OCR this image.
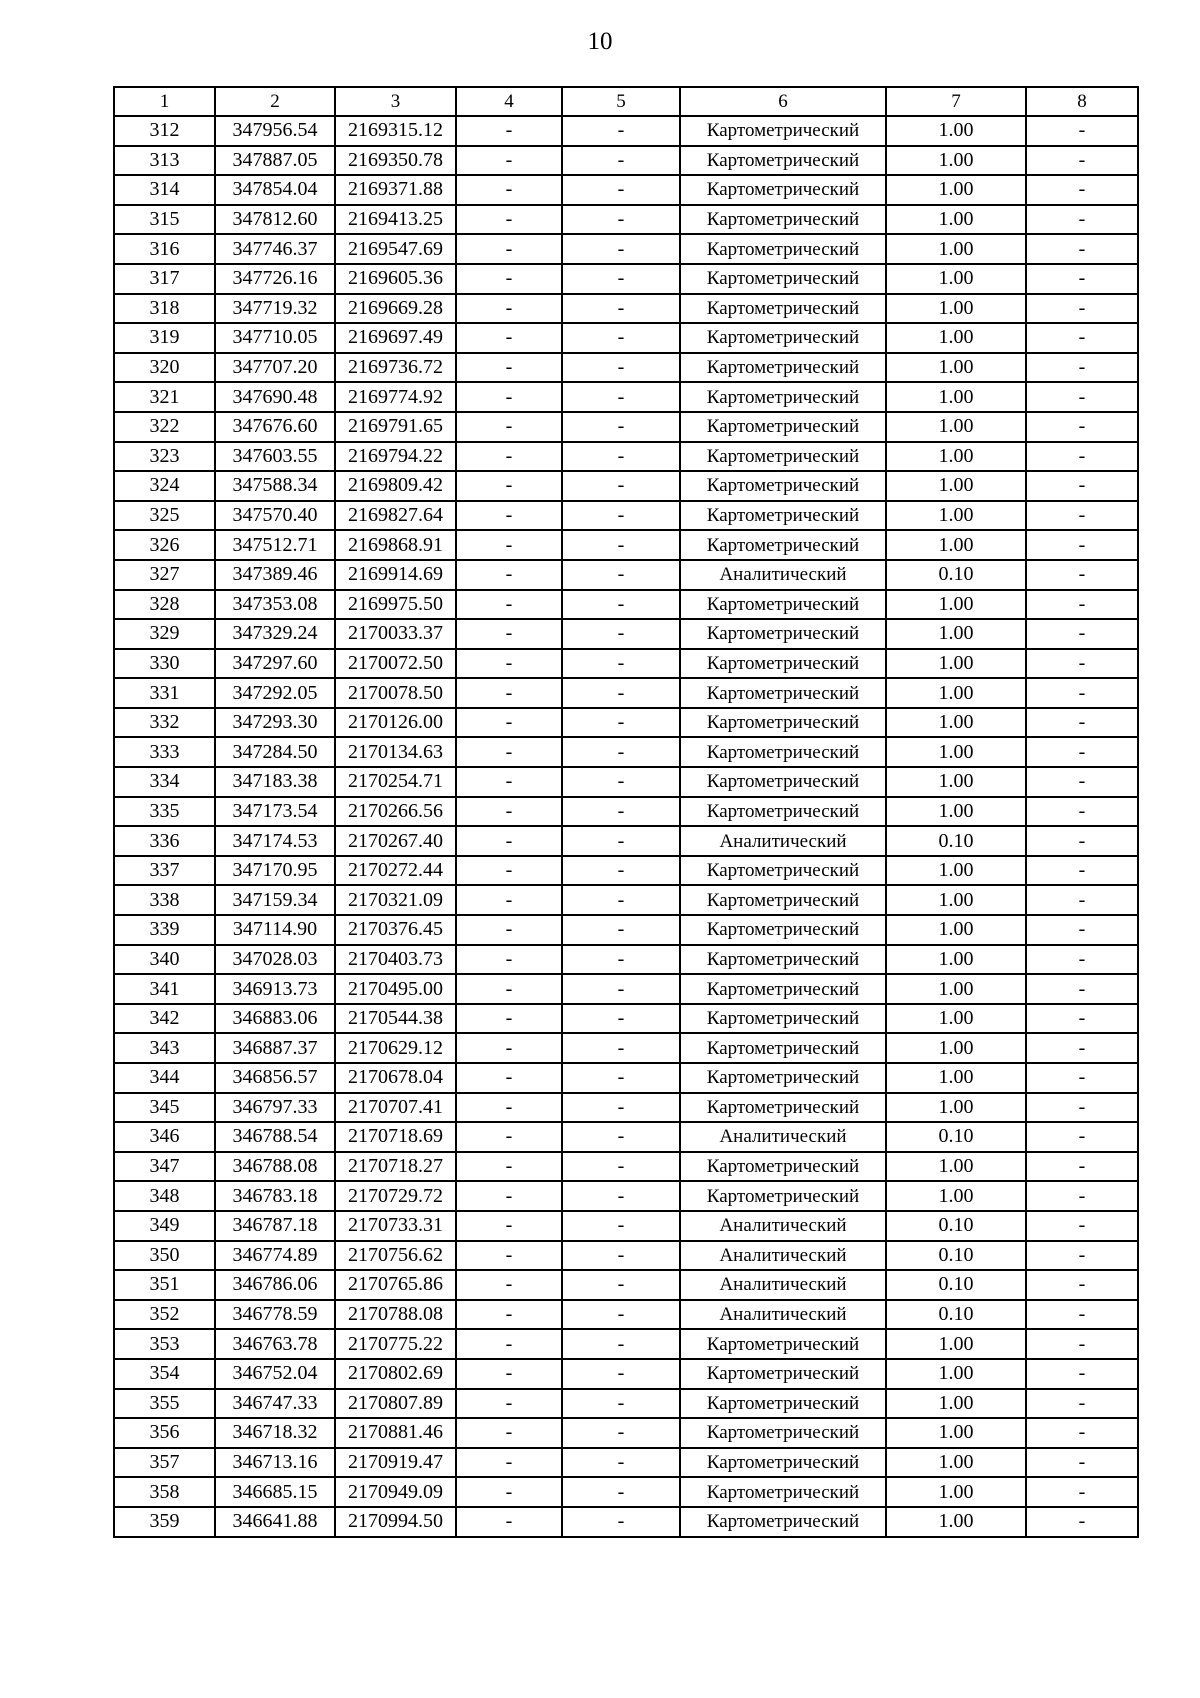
10
1	2	3	4	5	6	7	8
312	347956.54	2169315.12	-	-	Картометрический	1.00	-
313	347887.05	2169350.78	-	-	Картометрический	1.00	-
314	347854.04	2169371.88	-	-	Картометрический	1.00	-
315	347812.60	2169413.25	-	-	Картометрический	1.00	-
316	347746.37	2169547.69	-	-	Картометрический	1.00	-
317	347726.16	2169605.36	-	-	Картометрический	1.00	-
318	347719.32	2169669.28	-	-	Картометрический	1.00	-
319	347710.05	2169697.49	-	-	Картометрический	1.00	-
320	347707.20	2169736.72	-	-	Картометрический	1.00	-
321	347690.48	2169774.92	-	-	Картометрический	1.00	-
322	347676.60	2169791.65	-	-	Картометрический	1.00	-
323	347603.55	2169794.22	-	-	Картометрический	1.00	-
324	347588.34	2169809.42	-	-	Картометрический	1.00	-
325	347570.40	2169827.64	-	-	Картометрический	1.00	-
326	347512.71	2169868.91	-	-	Картометрический	1.00	-
327	347389.46	2169914.69	-	-	Аналитический	0.10	-
328	347353.08	2169975.50	-	-	Картометрический	1.00	-
329	347329.24	2170033.37	-	-	Картометрический	1.00	-
330	347297.60	2170072.50	-	-	Картометрический	1.00	-
331	347292.05	2170078.50	-	-	Картометрический	1.00	-
332	347293.30	2170126.00	-	-	Картометрический	1.00	-
333	347284.50	2170134.63	-	-	Картометрический	1.00	-
334	347183.38	2170254.71	-	-	Картометрический	1.00	-
335	347173.54	2170266.56	-	-	Картометрический	1.00	-
336	347174.53	2170267.40	-	-	Аналитический	0.10	-
337	347170.95	2170272.44	-	-	Картометрический	1.00	-
338	347159.34	2170321.09	-	-	Картометрический	1.00	-
339	347114.90	2170376.45	-	-	Картометрический	1.00	-
340	347028.03	2170403.73	-	-	Картометрический	1.00	-
341	346913.73	2170495.00	-	-	Картометрический	1.00	-
342	346883.06	2170544.38	-	-	Картометрический	1.00	-
343	346887.37	2170629.12	-	-	Картометрический	1.00	-
344	346856.57	2170678.04	-	-	Картометрический	1.00	-
345	346797.33	2170707.41	-	-	Картометрический	1.00	-
346	346788.54	2170718.69	-	-	Аналитический	0.10	-
347	346788.08	2170718.27	-	-	Картометрический	1.00	-
348	346783.18	2170729.72	-	-	Картометрический	1.00	-
349	346787.18	2170733.31	-	-	Аналитический	0.10	-
350	346774.89	2170756.62	-	-	Аналитический	0.10	-
351	346786.06	2170765.86	-	-	Аналитический	0.10	-
352	346778.59	2170788.08	-	-	Аналитический	0.10	-
353	346763.78	2170775.22	-	-	Картометрический	1.00	-
354	346752.04	2170802.69	-	-	Картометрический	1.00	-
355	346747.33	2170807.89	-	-	Картометрический	1.00	-
356	346718.32	2170881.46	-	-	Картометрический	1.00	-
357	346713.16	2170919.47	-	-	Картометрический	1.00	-
358	346685.15	2170949.09	-	-	Картометрический	1.00	-
359	346641.88	2170994.50	-	-	Картометрический	1.00	-
